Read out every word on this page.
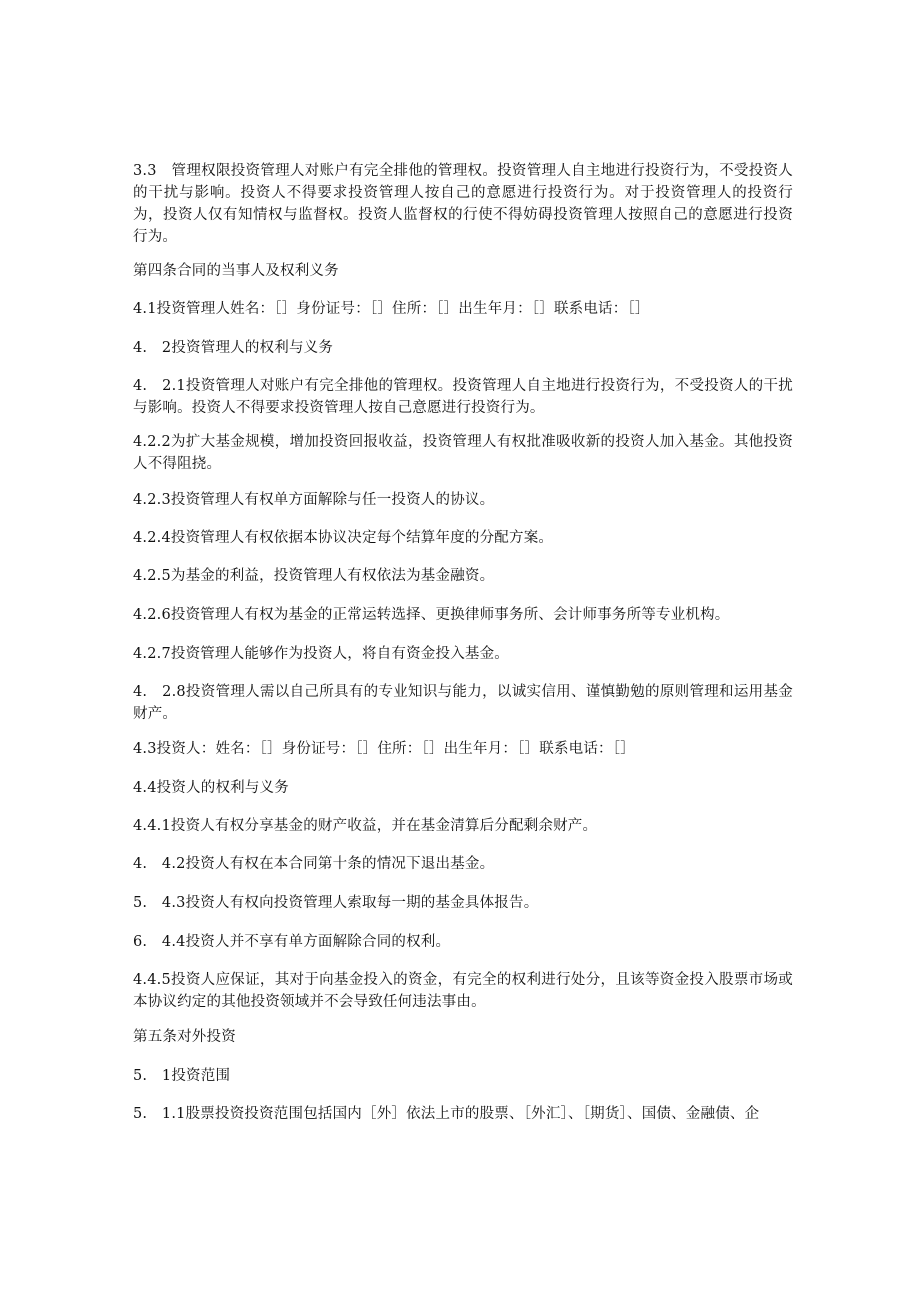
3.3　管理权限投资管理人对账户有完全排他的管理权。投资管理人自主地进行投资行为，不受投资人的干扰与影响。投资人不得要求投资管理人按自己的意愿进行投资行为。对于投资管理人的投资行为，投资人仅有知情权与监督权。投资人监督权的行使不得妨碍投资管理人按照自己的意愿进行投资行为。

第四条合同的当事人及权利义务

4.1投资管理人姓名：［］身份证号：［］住所：［］出生年月：［］联系电话：［］

4.　2投资管理人的权利与义务

4.　2.1投资管理人对账户有完全排他的管理权。投资管理人自主地进行投资行为，不受投资人的干扰与影响。投资人不得要求投资管理人按自己意愿进行投资行为。

4.2.2为扩大基金规模，增加投资回报收益，投资管理人有权批准吸收新的投资人加入基金。其他投资人不得阻挠。

4.2.3投资管理人有权单方面解除与任一投资人的协议。

4.2.4投资管理人有权依据本协议决定每个结算年度的分配方案。

4.2.5为基金的利益，投资管理人有权依法为基金融资。

4.2.6投资管理人有权为基金的正常运转选择、更换律师事务所、会计师事务所等专业机构。

4.2.7投资管理人能够作为投资人，将自有资金投入基金。

4.　2.8投资管理人需以自己所具有的专业知识与能力，以诚实信用、谨慎勤勉的原则管理和运用基金财产。

4.3投资人：姓名：［］身份证号：［］住所：［］出生年月：［］联系电话：［］

4.4投资人的权利与义务

4.4.1投资人有权分享基金的财产收益，并在基金清算后分配剩余财产。

4.　4.2投资人有权在本合同第十条的情况下退出基金。

5.　4.3投资人有权向投资管理人索取每一期的基金具体报告。

6.　4.4投资人并不享有单方面解除合同的权利。

4.4.5投资人应保证，其对于向基金投入的资金，有完全的权利进行处分，且该等资金投入股票市场或本协议约定的其他投资领域并不会导致任何违法事由。

第五条对外投资

5.　1投资范围

5.　1.1股票投资投资范围包括国内［外］依法上市的股票、［外汇］、［期货］、国债、金融债、企
